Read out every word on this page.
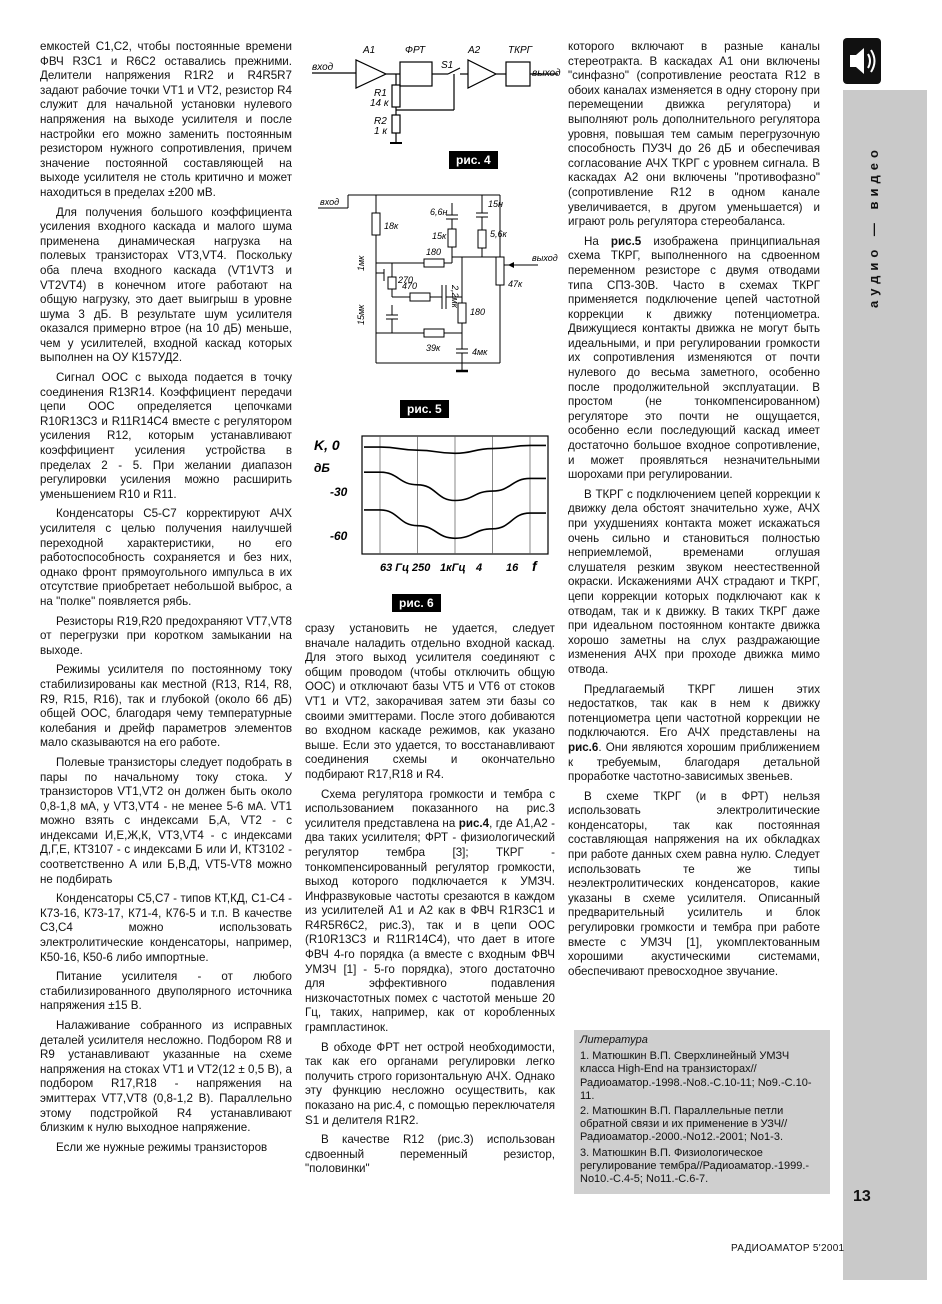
емкостей С1,С2, чтобы постоянные времени ФВЧ R3C1 и R6C2 оставались прежними. Делители напряжения R1R2 и R4R5R7 задают рабочие точки VT1 и VT2, резистор R4 служит для начальной установки нулевого напряжения на выходе усилителя и после настройки его можно заменить постоянным резистором нужного сопротивления, причем значение постоянной составляющей на выходе усилителя не столь критично и может находиться в пределах ±200 мВ.

Для получения большого коэффициента усиления входного каскада и малого шума применена динамическая нагрузка на полевых транзисторах VT3,VT4. Поскольку оба плеча входного каскада (VT1VT3 и VT2VT4) в конечном итоге работают на общую нагрузку, это дает выигрыш в уровне шума 3 дБ. В результате шум усилителя оказался примерно втрое (на 10 дБ) меньше, чем у усилителей, входной каскад которых выполнен на ОУ К157УД2.

Сигнал ООС с выхода подается в точку соединения R13R14. Коэффициент передачи цепи ООС определяется цепочками R10R13C3 и R11R14C4 вместе с регулятором усиления R12, которым устанавливают коэффициент усиления устройства в пределах 2 - 5. При желании диапазон регулировки усиления можно расширить уменьшением R10 и R11.

Конденсаторы С5-С7 корректируют АЧХ усилителя с целью получения наилучшей переходной характеристики, но его работоспособность сохраняется и без них, однако фронт прямоугольного импульса в их отсутствие приобретает небольшой выброс, а на "полке" появляется рябь.

Резисторы R19,R20 предохраняют VT7,VT8 от перегрузки при коротком замыкании на выходе.

Режимы усилителя по постоянному току стабилизированы как местной (R13, R14, R8, R9, R15, R16), так и глубокой (около 66 дБ) общей ООС, благодаря чему температурные колебания и дрейф параметров элементов мало сказываются на его работе.

Полевые транзисторы следует подобрать в пары по начальному току стока. У транзисторов VT1,VT2 он должен быть около 0,8-1,8 мА, у VT3,VT4 - не менее 5-6 мА. VT1 можно взять с индексами Б,А, VT2 - с индексами И,Е,Ж,К, VT3,VT4 - с индексами Д,Г,Е, КТ3107 - с индексами Б или И, КТ3102 - соответственно А или Б,В,Д, VT5-VT8 можно не подбирать

Конденсаторы С5,С7 - типов КТ,КД, С1-С4 - К73-16, К73-17, К71-4, К76-5 и т.п. В качестве С3,С4 можно использовать электролитические конденсаторы, например, К50-16, К50-6 либо импортные.

Питание усилителя - от любого стабилизированного двуполярного источника напряжения ±15 В.

Налаживание собранного из исправных деталей усилителя несложно. Подбором R8 и R9 устанавливают указанные на схеме напряжения на стоках VT1 и VT2(12 ± 0,5 В), а подбором R17,R18 - напряжения на эмиттерах VT7,VT8 (0,8-1,2 В). Параллельно этому подстройкой R4 устанавливают близким к нулю выходное напряжение.

Если же нужные режимы транзисторов

А1	ФРТ	А2	ТКРГ
вход
выход
S1
R1
14 к
R2
1 к
рис. 4
вход
18к
15н
5,6к
6,6н
15к
выход
47к
180
180
270
470	2,2мк
1мк
15мк
39к	4мк
рис. 5
K, 0
дБ
-30
-60
63 Гц 250 1кГц 4 16 f
рис. 6

сразу установить не удается, следует вначале наладить отдельно входной каскад. Для этого выход усилителя соединяют с общим проводом (чтобы отключить общую ООС) и отключают базы VT5 и VT6 от стоков VT1 и VT2, закорачивая затем эти базы со своими эмиттерами. После этого добиваются во входном каскаде режимов, как указано выше. Если это удается, то восстанавливают соединения схемы и окончательно подбирают R17,R18 и R4.

Схема регулятора громкости и тембра с использованием показанного на рис.3 усилителя представлена на рис.4, где А1,А2 - два таких усилителя; ФРТ - физиологический регулятор тембра [3]; ТКРГ - тонкомпенсированный регулятор громкости, выход которого подключается к УМЗЧ. Инфразвуковые частоты срезаются в каждом из усилителей А1 и А2 как в ФВЧ R1R3C1 и R4R5R6C2, рис.3), так и в цепи ООС (R10R13C3 и R11R14C4), что дает в итоге ФВЧ 4-го порядка (а вместе с входным ФВЧ УМЗЧ [1] - 5-го порядка), этого достаточно для эффективного подавления низкочастотных помех с частотой меньше 20 Гц, таких, например, как от коробленных грампластинок.

В обходе ФРТ нет острой необходимости, так как его органами регулировки легко получить строго горизонтальную АЧХ. Однако эту функцию несложно осуществить, как показано на рис.4, с помощью переключателя S1 и делителя R1R2.

В качестве R12 (рис.3) использован сдвоенный переменный резистор, "половинки"

которого включают в разные каналы стереотракта. В каскадах А1 они включены "синфазно" (сопротивление реостата R12 в обоих каналах изменяется в одну сторону при перемещении движка регулятора) и выполняют роль дополнительного регулятора уровня, повышая тем самым перегрузочную способность ПУЗЧ до 26 дБ и обеспечивая согласование АЧХ ТКРГ с уровнем сигнала. В каскадах А2 они включены "противофазно" (сопротивление R12 в одном канале увеличивается, в другом уменьшается) и играют роль регулятора стереобаланса.

На рис.5 изображена принципиальная схема ТКРГ, выполненного на сдвоенном переменном резисторе с двумя отводами типа СПЗ-30В. Часто в схемах ТКРГ применяется подключение цепей частотной коррекции к движку потенциометра. Движущиеся контакты движка не могут быть идеальными, и при регулировании громкости их сопротивления изменяются от почти нулевого до весьма заметного, особенно после продолжительной эксплуатации. В простом (не тонкомпенсированном) регуляторе это почти не ощущается, особенно если последующий каскад имеет достаточно большое входное сопротивление, и может проявляться незначительными шорохами при регулировании.

В ТКРГ с подключением цепей коррекции к движку дела обстоят значительно хуже, АЧХ при ухудшениях контакта может искажаться очень сильно и становиться полностью неприемлемой, временами оглушая слушателя резким звуком неестественной окраски. Искажениями АЧХ страдают и ТКРГ, цепи коррекции которых подключают как к отводам, так и к движку. В таких ТКРГ даже при идеальном постоянном контакте движка хорошо заметны на слух раздражающие изменения АЧХ при проходе движка мимо отвода.

Предлагаемый ТКРГ лишен этих недостатков, так как в нем к движку потенциометра цепи частотной коррекции не подключаются. Его АЧХ представлены на рис.6. Они являются хорошим приближением к требуемым, благодаря детальной проработке частотно-зависимых звеньев.

В схеме ТКРГ (и в ФРТ) нельзя использовать электролитические конденсаторы, так как постоянная составляющая напряжения на их обкладках при работе данных схем равна нулю. Следует использовать те же типы неэлектролитических конденсаторов, какие указаны в схеме усилителя. Описанный предварительный усилитель и блок регулировки громкости и тембра при работе вместе с УМЗЧ [1], укомплектованным хорошими акустическими системами, обеспечивают превосходное звучание.

Литература

1. Матюшкин В.П. Сверхлинейный УМЗЧ класса High-End на транзисторах//Радиоаматор.-1998.-No8.-С.10-11; No9.-С.10-11.

2. Матюшкин В.П. Параллельные петли обратной связи и их применение в УЗЧ//Радиоаматор.-2000.-No12.-2001; No1-3.

3. Матюшкин В.П. Физиологическое регулирование тембра//Радиоаматор.-1999.-No10.-С.4-5; No11.-С.6-7.

аудио — видео
13
РАДИОАМАТОР 5'2001
